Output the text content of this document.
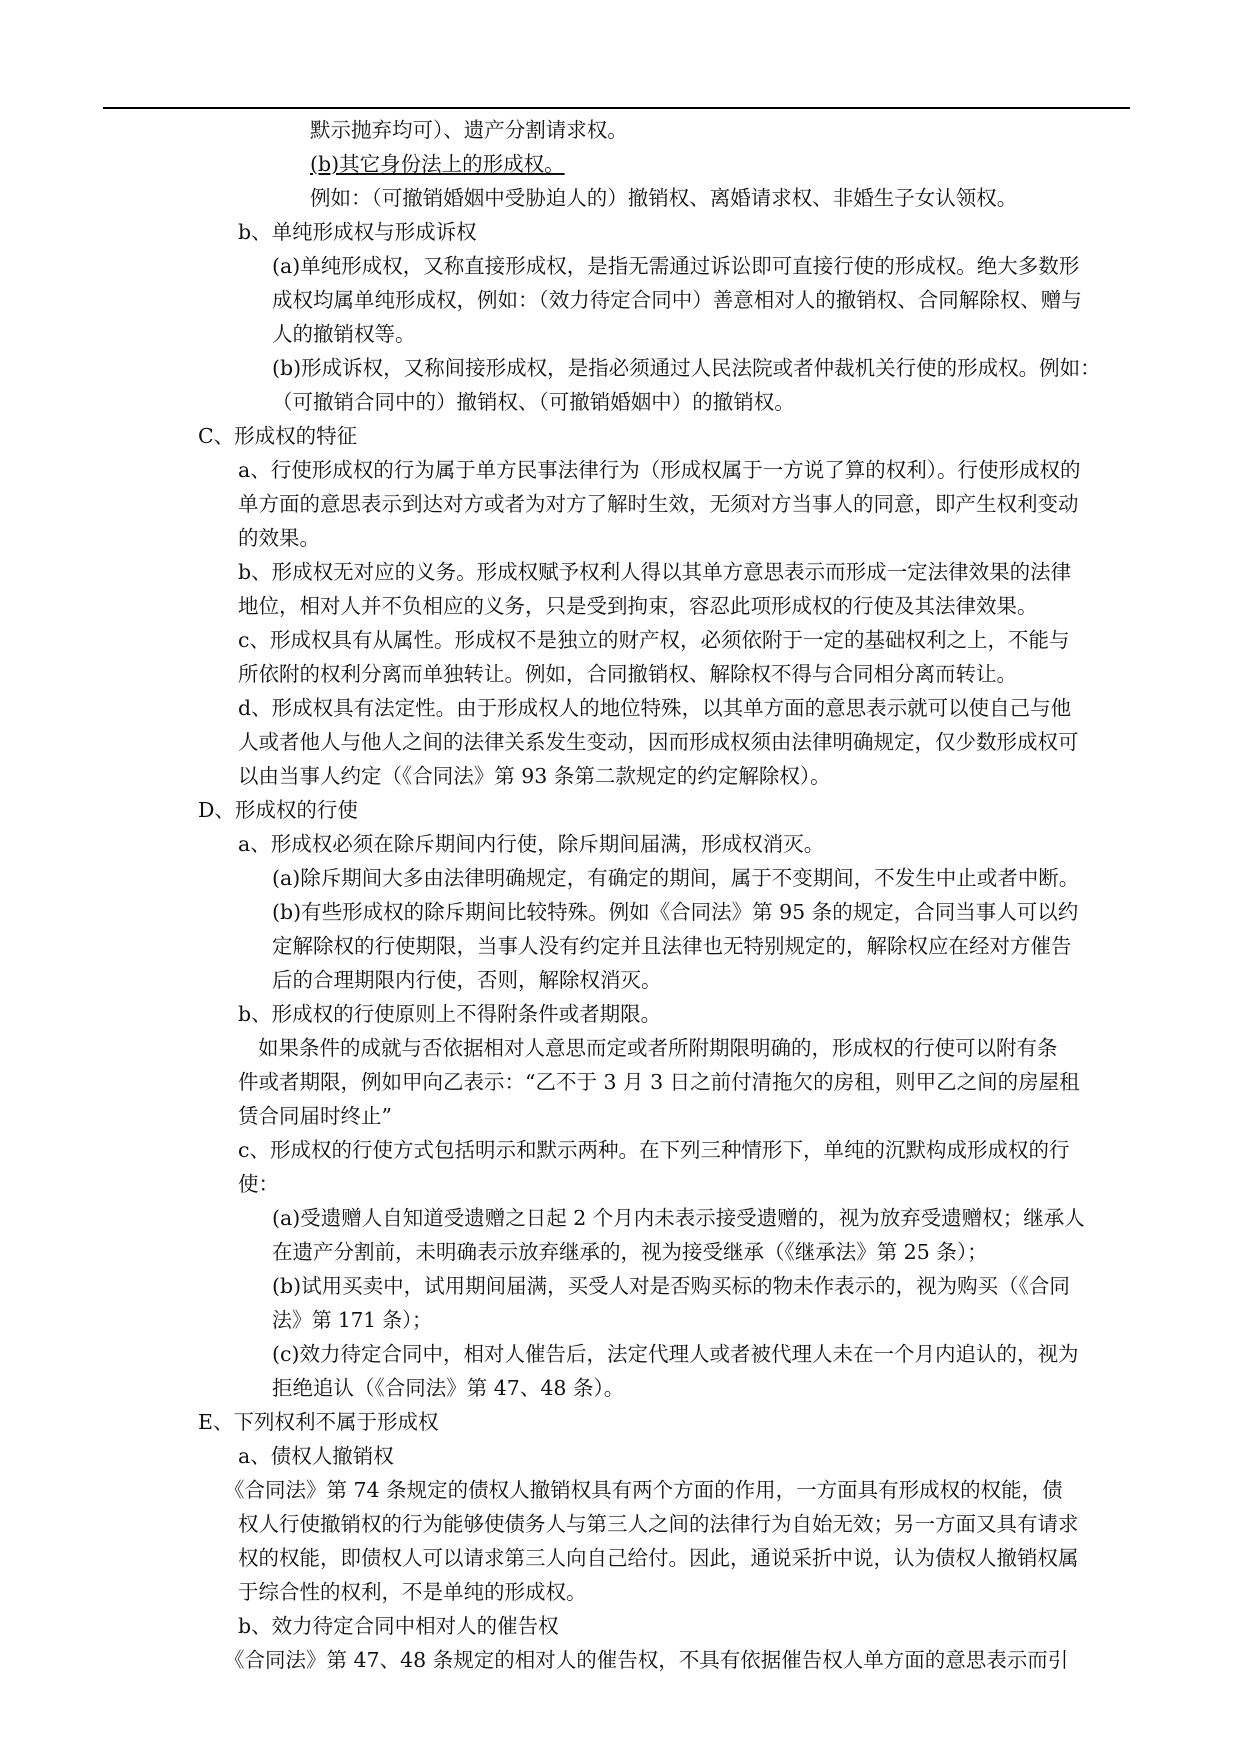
默示抛弃均可）、遗产分割请求权。
(b)其它身份法上的形成权。
例如：（可撤销婚姻中受胁迫人的）撤销权、离婚请求权、非婚生子女认领权。
b、单纯形成权与形成诉权
(a)单纯形成权，又称直接形成权，是指无需通过诉讼即可直接行使的形成权。绝大多数形
成权均属单纯形成权，例如：（效力待定合同中）善意相对人的撤销权、合同解除权、赠与
人的撤销权等。
(b)形成诉权，又称间接形成权，是指必须通过人民法院或者仲裁机关行使的形成权。例如：
（可撤销合同中的）撤销权、（可撤销婚姻中）的撤销权。
C、形成权的特征
a、行使形成权的行为属于单方民事法律行为（形成权属于一方说了算的权利）。行使形成权的
单方面的意思表示到达对方或者为对方了解时生效，无须对方当事人的同意，即产生权利变动
的效果。
b、形成权无对应的义务。形成权赋予权利人得以其单方意思表示而形成一定法律效果的法律
地位，相对人并不负相应的义务，只是受到拘束，容忍此项形成权的行使及其法律效果。
c、形成权具有从属性。形成权不是独立的财产权，必须依附于一定的基础权利之上，不能与
所依附的权利分离而单独转让。例如，合同撤销权、解除权不得与合同相分离而转让。
d、形成权具有法定性。由于形成权人的地位特殊，以其单方面的意思表示就可以使自己与他
人或者他人与他人之间的法律关系发生变动，因而形成权须由法律明确规定，仅少数形成权可
以由当事人约定（《合同法》第 93 条第二款规定的约定解除权）。
D、形成权的行使
a、形成权必须在除斥期间内行使，除斥期间届满，形成权消灭。
(a)除斥期间大多由法律明确规定，有确定的期间，属于不变期间，不发生中止或者中断。
(b)有些形成权的除斥期间比较特殊。例如《合同法》第 95 条的规定，合同当事人可以约
定解除权的行使期限，当事人没有约定并且法律也无特别规定的，解除权应在经对方催告
后的合理期限内行使，否则，解除权消灭。
b、形成权的行使原则上不得附条件或者期限。
如果条件的成就与否依据相对人意思而定或者所附期限明确的，形成权的行使可以附有条
件或者期限，例如甲向乙表示：“乙不于 3 月 3 日之前付清拖欠的房租，则甲乙之间的房屋租
赁合同届时终止”
c、形成权的行使方式包括明示和默示两种。在下列三种情形下，单纯的沉默构成形成权的行
使：
(a)受遗赠人自知道受遗赠之日起 2 个月内未表示接受遗赠的，视为放弃受遗赠权；继承人
在遗产分割前，未明确表示放弃继承的，视为接受继承（《继承法》第 25 条）；
(b)试用买卖中，试用期间届满，买受人对是否购买标的物未作表示的，视为购买（《合同
法》第 171 条）；
(c)效力待定合同中，相对人催告后，法定代理人或者被代理人未在一个月内追认的，视为
拒绝追认（《合同法》第 47、48 条）。
E、下列权利不属于形成权
a、债权人撤销权
《合同法》第 74 条规定的债权人撤销权具有两个方面的作用，一方面具有形成权的权能，债
权人行使撤销权的行为能够使债务人与第三人之间的法律行为自始无效；另一方面又具有请求
权的权能，即债权人可以请求第三人向自己给付。因此，通说采折中说，认为债权人撤销权属
于综合性的权利，不是单纯的形成权。
b、效力待定合同中相对人的催告权
《合同法》第 47、48 条规定的相对人的催告权，不具有依据催告权人单方面的意思表示而引
